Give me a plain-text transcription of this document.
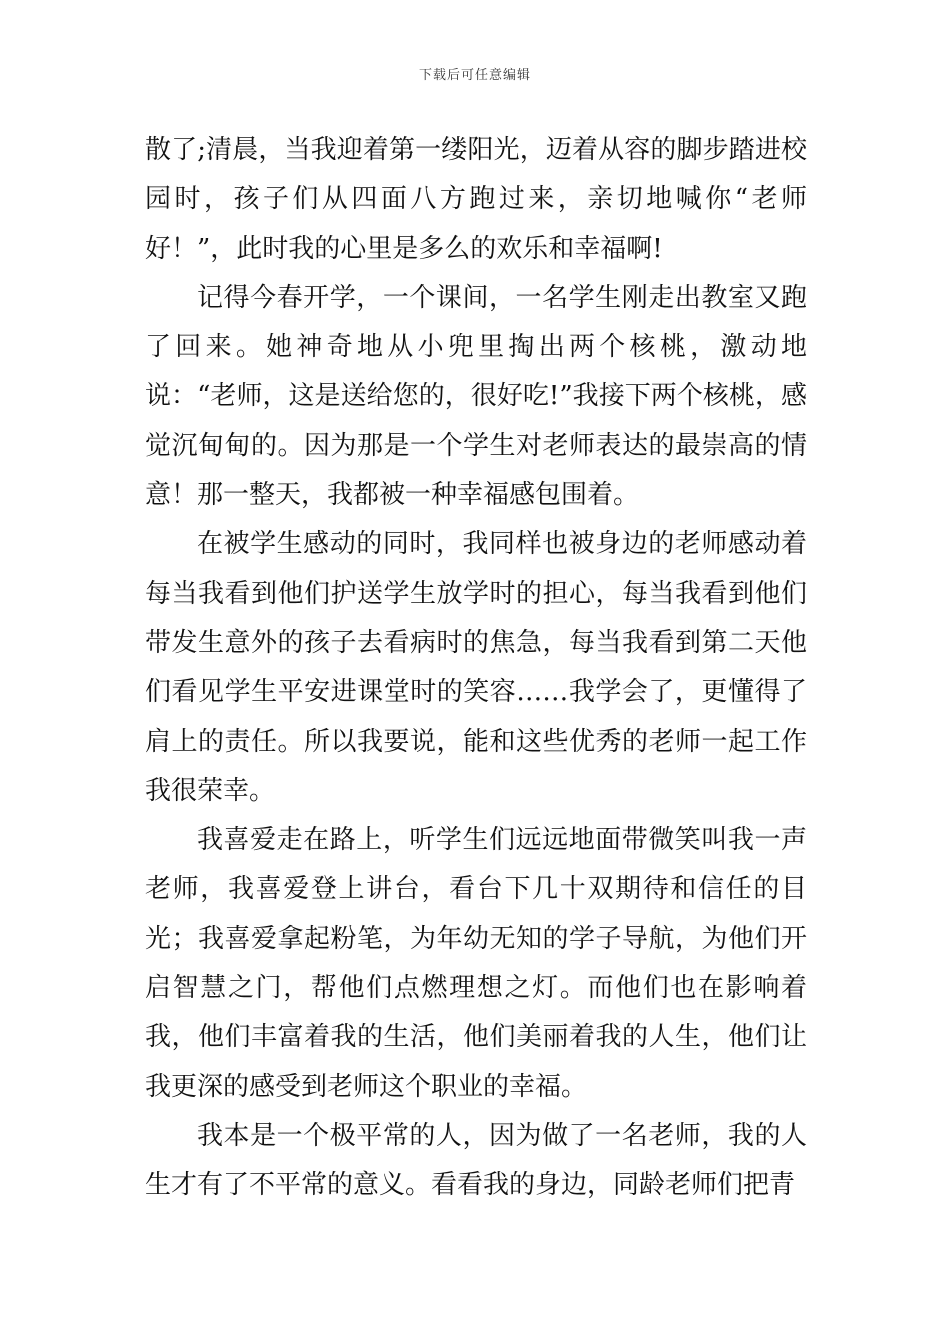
下载后可任意编辑

散了;清晨，当我迎着第一缕阳光，迈着从容的脚步踏进校园时，孩子们从四面八方跑过来，亲切地喊你“老师好！”，此时我的心里是多么的欢乐和幸福啊!

记得今春开学，一个课间，一名学生刚走出教室又跑了回来。她神奇地从小兜里掏出两个核桃，激动地说：“老师，这是送给您的，很好吃!”我接下两个核桃，感觉沉甸甸的。因为那是一个学生对老师表达的最崇高的情意！那一整天，我都被一种幸福感包围着。

在被学生感动的同时，我同样也被身边的老师感动着每当我看到他们护送学生放学时的担心，每当我看到他们带发生意外的孩子去看病时的焦急，每当我看到第二天他们看见学生平安进课堂时的笑容……我学会了，更懂得了肩上的责任。所以我要说，能和这些优秀的老师一起工作我很荣幸。

我喜爱走在路上，听学生们远远地面带微笑叫我一声老师，我喜爱登上讲台，看台下几十双期待和信任的目光；我喜爱拿起粉笔，为年幼无知的学子导航，为他们开启智慧之门，帮他们点燃理想之灯。而他们也在影响着我，他们丰富着我的生活，他们美丽着我的人生，他们让我更深的感受到老师这个职业的幸福。

我本是一个极平常的人，因为做了一名老师，我的人生才有了不平常的意义。看看我的身边，同龄老师们把青
